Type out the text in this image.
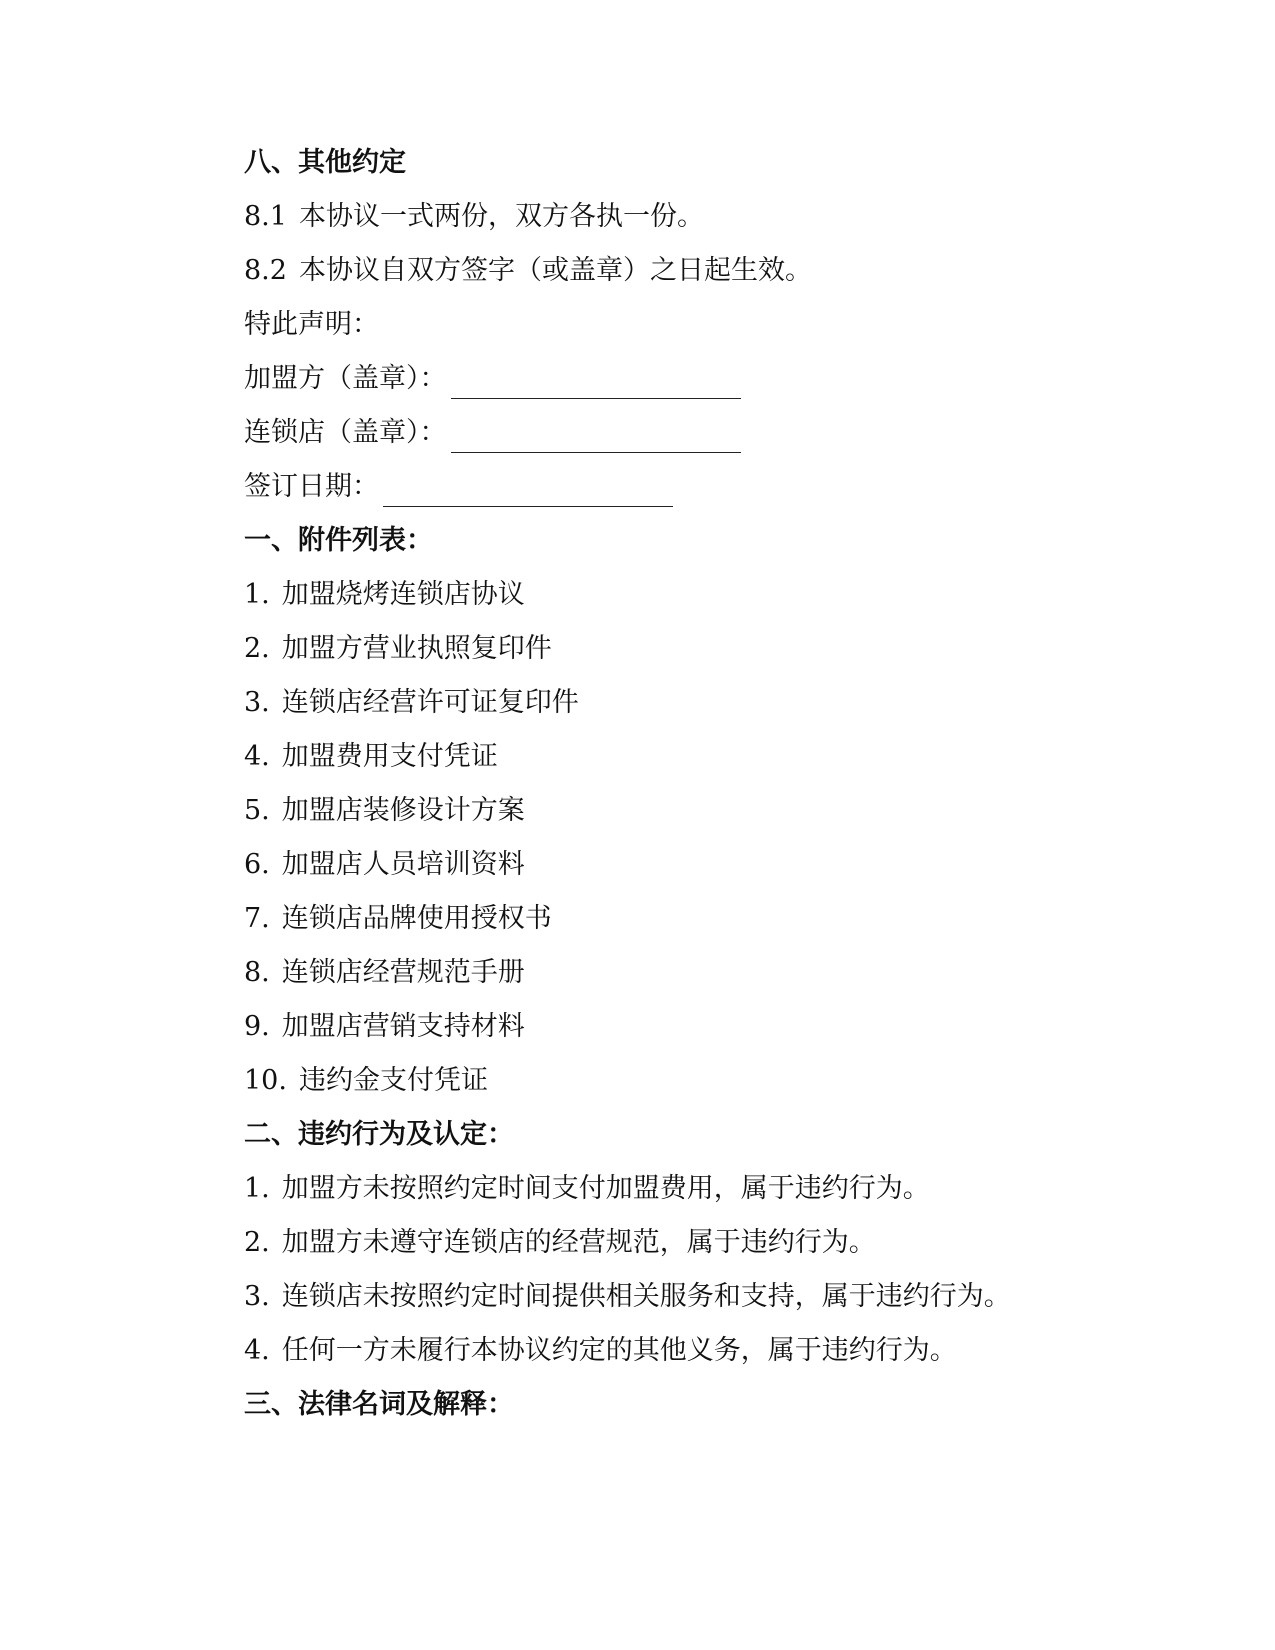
八、其他约定
8.1 本协议一式两份，双方各执一份。
8.2 本协议自双方签字（或盖章）之日起生效。
特此声明：
加盟方（盖章）：
连锁店（盖章）：
签订日期：
一、附件列表：
1. 加盟烧烤连锁店协议
2. 加盟方营业执照复印件
3. 连锁店经营许可证复印件
4. 加盟费用支付凭证
5. 加盟店装修设计方案
6. 加盟店人员培训资料
7. 连锁店品牌使用授权书
8. 连锁店经营规范手册
9. 加盟店营销支持材料
10. 违约金支付凭证
二、违约行为及认定：
1. 加盟方未按照约定时间支付加盟费用，属于违约行为。
2. 加盟方未遵守连锁店的经营规范，属于违约行为。
3. 连锁店未按照约定时间提供相关服务和支持，属于违约行为。
4. 任何一方未履行本协议约定的其他义务，属于违约行为。
三、法律名词及解释：
